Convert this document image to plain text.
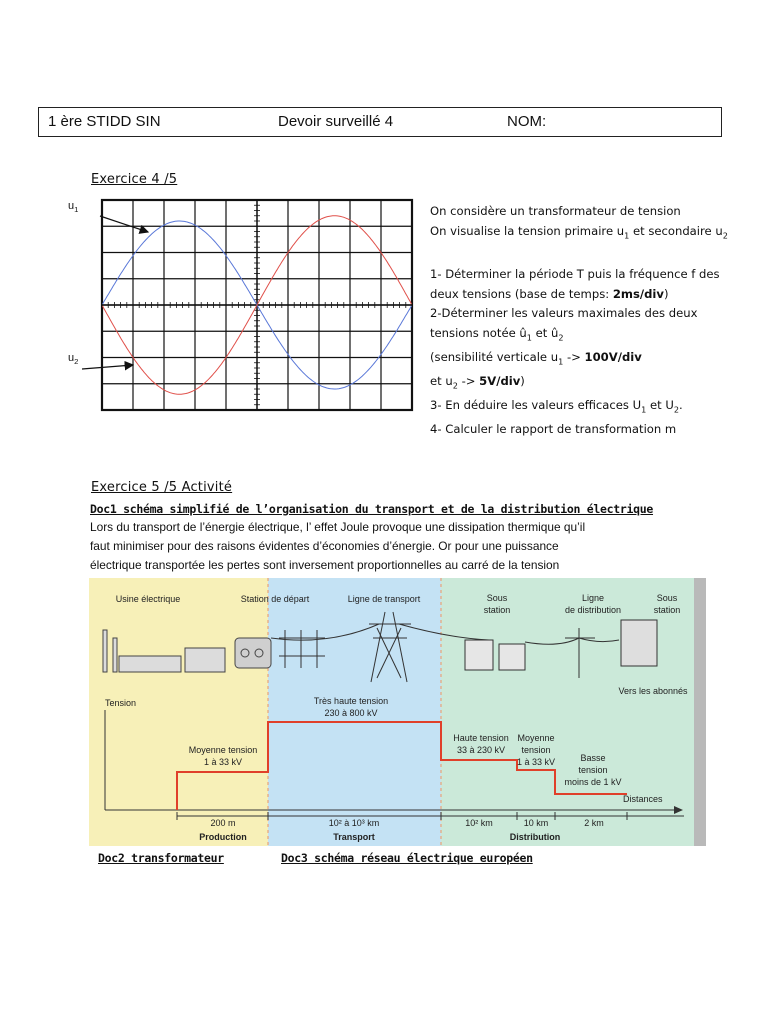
1 ère STIDD SIN	Devoir surveillé 4	NOM:
Exercice 4 /5
$u_1$
$u_2$
On considère un transformateur de tension
On visualise la tension primaire $u_1$ et secondaire $u_2$
1- Déterminer la période T puis la fréquence f des
deux tensions (base de temps: 2ms/div)
2-Déterminer les valeurs maximales des deux
tensions notée $û_1$ et $û_2$
(sensibilité verticale $u_1 -> 100V/div$
et $u_2 -> 5V/div$)
3- En déduire les valeurs efficaces $U_1$ et $U_2$.
4- Calculer le rapport de transformation m
Exercice 5 /5 Activité
Doc1 schéma simplifié de l’organisation du transport et de la distribution électrique
Lors du transport de l’énergie électrique, l’ effet Joule provoque une dissipation thermique qu’il
faut minimiser pour des raisons évidentes d’économies d’énergie. Or pour une puissance
électrique transportée les pertes sont inversement proportionnelles au carré de la tension
Usine électrique	Station de départ	Ligne de transport	Sous
station
Ligne
de distribution
Sous
station
Vers les abonnés
Tension
Distances
Moyenne tension
1 à 33 kV
Très haute tension
230 à 800 kV
Haute tension
33 à 230 kV
Moyenne
tension
1 à 33 kV	Basse
tension
moins de 1 kV
200 m	10² à 10³ km	10² km	10 km	2 km
Production	Transport	Distribution
Doc2 transformateur	Doc3 schéma réseau électrique européen
